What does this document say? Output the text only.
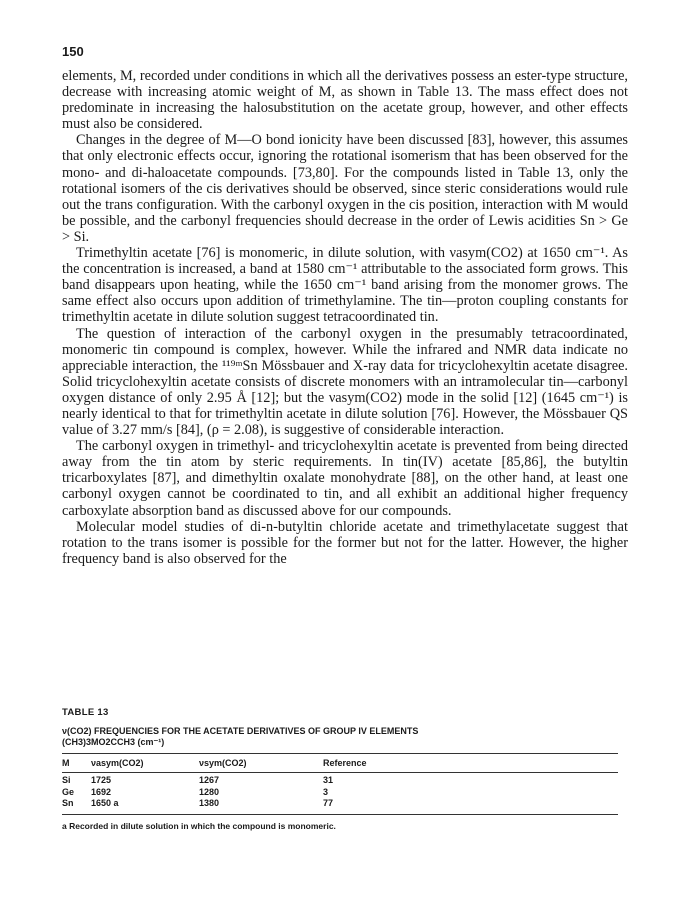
150

elements, M, recorded under conditions in which all the derivatives possess an ester-type structure, decrease with increasing atomic weight of M, as shown in Table 13. The mass effect does not predominate in increasing the halosubstitution on the acetate group, however, and other effects must also be considered.

Changes in the degree of M—O bond ionicity have been discussed [83], however, this assumes that only electronic effects occur, ignoring the rotational isomerism that has been observed for the mono- and di-haloacetate compounds. [73,80]. For the compounds listed in Table 13, only the rotational isomers of the cis derivatives should be observed, since steric considerations would rule out the trans configuration. With the carbonyl oxygen in the cis position, interaction with M would be possible, and the carbonyl frequencies should decrease in the order of Lewis acidities Sn > Ge > Si.

Trimethyltin acetate [76] is monomeric, in dilute solution, with νasym(CO2) at 1650 cm⁻¹. As the concentration is increased, a band at 1580 cm⁻¹ attributable to the associated form grows. This band disappears upon heating, while the 1650 cm⁻¹ band arising from the monomer grows. The same effect also occurs upon addition of trimethylamine. The tin—proton coupling constants for trimethyltin acetate in dilute solution suggest tetracoordinated tin.

The question of interaction of the carbonyl oxygen in the presumably tetracoordinated, monomeric tin compound is complex, however. While the infrared and NMR data indicate no appreciable interaction, the ¹¹⁹ᵐSn Mössbauer and X-ray data for tricyclohexyltin acetate disagree. Solid tricyclohexyltin acetate consists of discrete monomers with an intramolecular tin—carbonyl oxygen distance of only 2.95 Å [12]; but the νasym(CO2) mode in the solid [12] (1645 cm⁻¹) is nearly identical to that for trimethyltin acetate in dilute solution [76]. However, the Mössbauer QS value of 3.27 mm/s [84], (ρ = 2.08), is suggestive of considerable interaction.

The carbonyl oxygen in trimethyl- and tricyclohexyltin acetate is prevented from being directed away from the tin atom by steric requirements. In tin(IV) acetate [85,86], the butyltin tricarboxylates [87], and dimethyltin oxalate monohydrate [88], on the other hand, at least one carbonyl oxygen cannot be coordinated to tin, and all exhibit an additional higher frequency carboxylate absorption band as discussed above for our compounds.

Molecular model studies of di-n-butyltin chloride acetate and trimethylacetate suggest that rotation to the trans isomer is possible for the former but not for the latter. However, the higher frequency band is also observed for the

TABLE 13
ν(CO2) FREQUENCIES FOR THE ACETATE DERIVATIVES OF GROUP IV ELEMENTS
(CH3)3MO2CCH3 (cm⁻¹)
M	νasym(CO2)	νsym(CO2)	Reference
Si	1725	1267	31
Ge	1692	1280	3
Sn	1650 a	1380	77
a Recorded in dilute solution in which the compound is monomeric.
